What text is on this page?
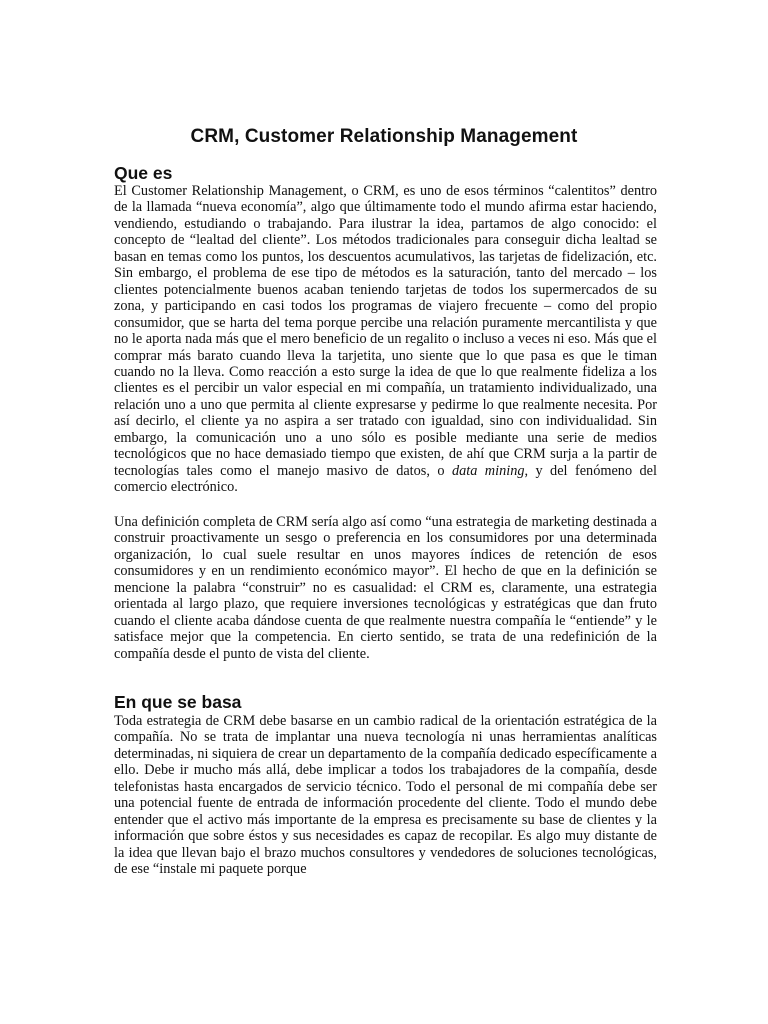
CRM, Customer Relationship Management
Que es

El Customer Relationship Management, o CRM, es uno de esos términos “calentitos” dentro de la llamada “nueva economía”, algo que últimamente todo el mundo afirma estar haciendo, vendiendo, estudiando o trabajando. Para ilustrar la idea, partamos de algo conocido: el concepto de “lealtad del cliente”. Los métodos tradicionales para conseguir dicha lealtad se basan en temas como los puntos, los descuentos acumulativos, las tarjetas de fidelización, etc. Sin embargo, el problema de ese tipo de métodos es la saturación, tanto del mercado – los clientes potencialmente buenos acaban teniendo tarjetas de todos los supermercados de su zona, y participando en casi todos los programas de viajero frecuente – como del propio consumidor, que se harta del tema porque percibe una relación puramente mercantilista y que no le aporta nada más que el mero beneficio de un regalito o incluso a veces ni eso. Más que el comprar más barato cuando lleva la tarjetita, uno siente que lo que pasa es que le timan cuando no la lleva. Como reacción a esto surge la idea de que lo que realmente fideliza a los clientes es el percibir un valor especial en mi compañía, un tratamiento individualizado, una relación uno a uno que permita al cliente expresarse y pedirme lo que realmente necesita. Por así decirlo, el cliente ya no aspira a ser tratado con igualdad, sino con individualidad. Sin embargo, la comunicación uno a uno sólo es posible mediante una serie de medios tecnológicos que no hace demasiado tiempo que existen, de ahí que CRM surja a la partir de tecnologías tales como el manejo masivo de datos, o data mining, y del fenómeno del comercio electrónico.

Una definición completa de CRM sería algo así como “una estrategia de marketing destinada a construir proactivamente un sesgo o preferencia en los consumidores por una determinada organización, lo cual suele resultar en unos mayores índices de retención de esos consumidores y en un rendimiento económico mayor”. El hecho de que en la definición se mencione la palabra “construir” no es casualidad: el CRM es, claramente, una estrategia orientada al largo plazo, que requiere inversiones tecnológicas y estratégicas que dan fruto cuando el cliente acaba dándose cuenta de que realmente nuestra compañía le “entiende” y le satisface mejor que la competencia. En cierto sentido, se trata de una redefinición de la compañía desde el punto de vista del cliente.

En que se basa

Toda estrategia de CRM debe basarse en un cambio radical de la orientación estratégica de la compañía. No se trata de implantar una nueva tecnología ni unas herramientas analíticas determinadas, ni siquiera de crear un departamento de la compañía dedicado específicamente a ello. Debe ir mucho más allá, debe implicar a todos los trabajadores de la compañía, desde telefonistas hasta encargados de servicio técnico. Todo el personal de mi compañía debe ser una potencial fuente de entrada de información procedente del cliente. Todo el mundo debe entender que el activo más importante de la empresa es precisamente su base de clientes y la información que sobre éstos y sus necesidades es capaz de recopilar. Es algo muy distante de la idea que llevan bajo el brazo muchos consultores y vendedores de soluciones tecnológicas, de ese “instale mi paquete porque
